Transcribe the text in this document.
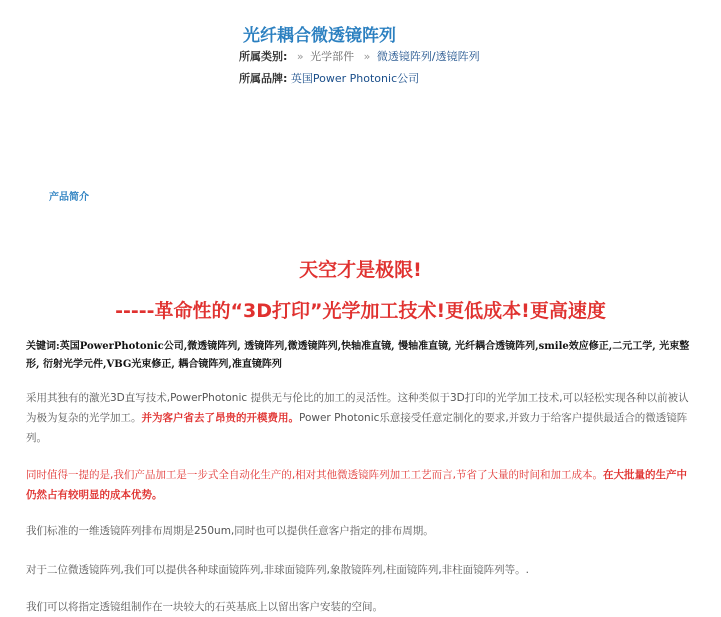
光纤耦合微透镜阵列
所属类别: » 光学部件 » 微透镜阵列/透镜阵列
所属品牌: 英国Power Photonic公司
产品简介
天空才是极限!
-----革命性的“3D打印”光学加工技术!更低成本!更高速度
关键词:英国PowerPhotonic公司,微透镜阵列, 透镜阵列,微透镜阵列,快轴准直镜, 慢轴准直镜, 光纤耦合透镜阵列,smile效应修正,二元工学, 光束整形, 衍射光学元件,VBG光束修正, 耦合镜阵列,准直镜阵列
采用其独有的激光3D直写技术,PowerPhotonic 提供无与伦比的加工的灵活性。这种类似于3D打印的光学加工技术,可以轻松实现各种以前被认为极为复杂的光学加工。并为客户省去了昂贵的开模费用。Power Photonic乐意接受任意定制化的要求,并致力于给客户提供最适合的微透镜阵列。
同时值得一提的是,我们产品加工是一步式全自动化生产的,相对其他微透镜阵列加工工艺而言,节省了大量的时间和加工成本。在大批量的生产中仍然占有较明显的成本优势。
我们标准的一维透镜阵列排布周期是250um,同时也可以提供任意客户指定的排布周期。
对于二位微透镜阵列,我们可以提供各种球面镜阵列,非球面镜阵列,象散镜阵列,柱面镜阵列,非柱面镜阵列等。.
我们可以将指定透镜组制作在一块较大的石英基底上以留出客户安装的空间。
